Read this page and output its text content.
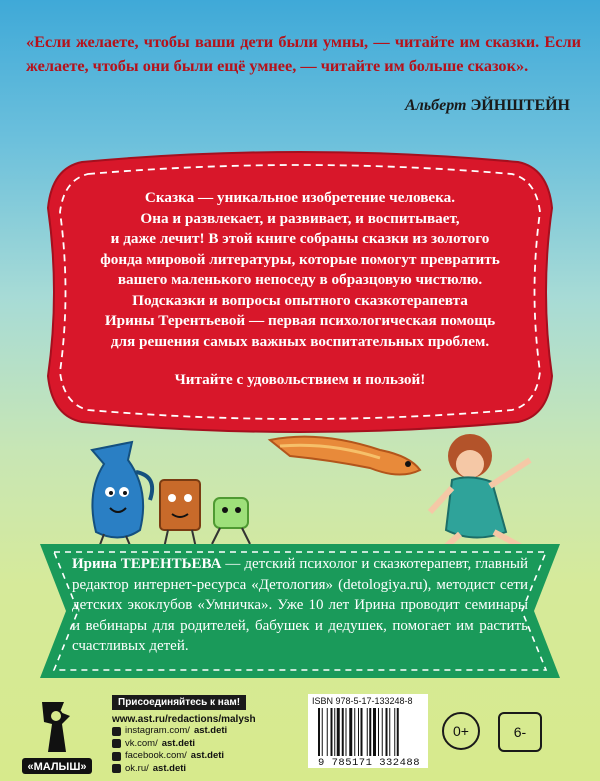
«Если желаете, чтобы ваши дети были умны, — читайте им сказки. Если желаете, чтобы они были ещё умнее, — читайте им больше сказок».
Альберт ЭЙНШТЕЙН

Сказка — уникальное изобретение человека.

Она и развлекает, и развивает, и воспитывает,

и даже лечит! В этой книге собраны сказки из золотого

фонда мировой литературы, которые помогут превратить

вашего маленького непоседу в образцовую чистюлю.

Подсказки и вопросы опытного сказкотерапевта

Ирины Терентьевой — первая психологическая помощь

для решения самых важных воспитательных проблем.

Читайте с удовольствием и пользой!

Ирина ТЕРЕНТЬЕВА — детский психолог и сказкотерапевт, главный редактор интернет-ресурса «Детология» (detologiya.ru), методист сети детских экоклубов «Умничка». Уже 10 лет Ирина проводит семинары и вебинары для родителей, бабушек и дедушек, помогает им растить счастливых детей.
«МАЛЫШ»
Присоединяйтесь к нам!
www.ast.ru/redactions/malysh
instagram.com/ ast.deti
vk.com/ ast.deti
facebook.com/ ast.deti
ok.ru/ ast.deti
ISBN 978-5-17-133248-8
9 785171 332488
0+	6-
